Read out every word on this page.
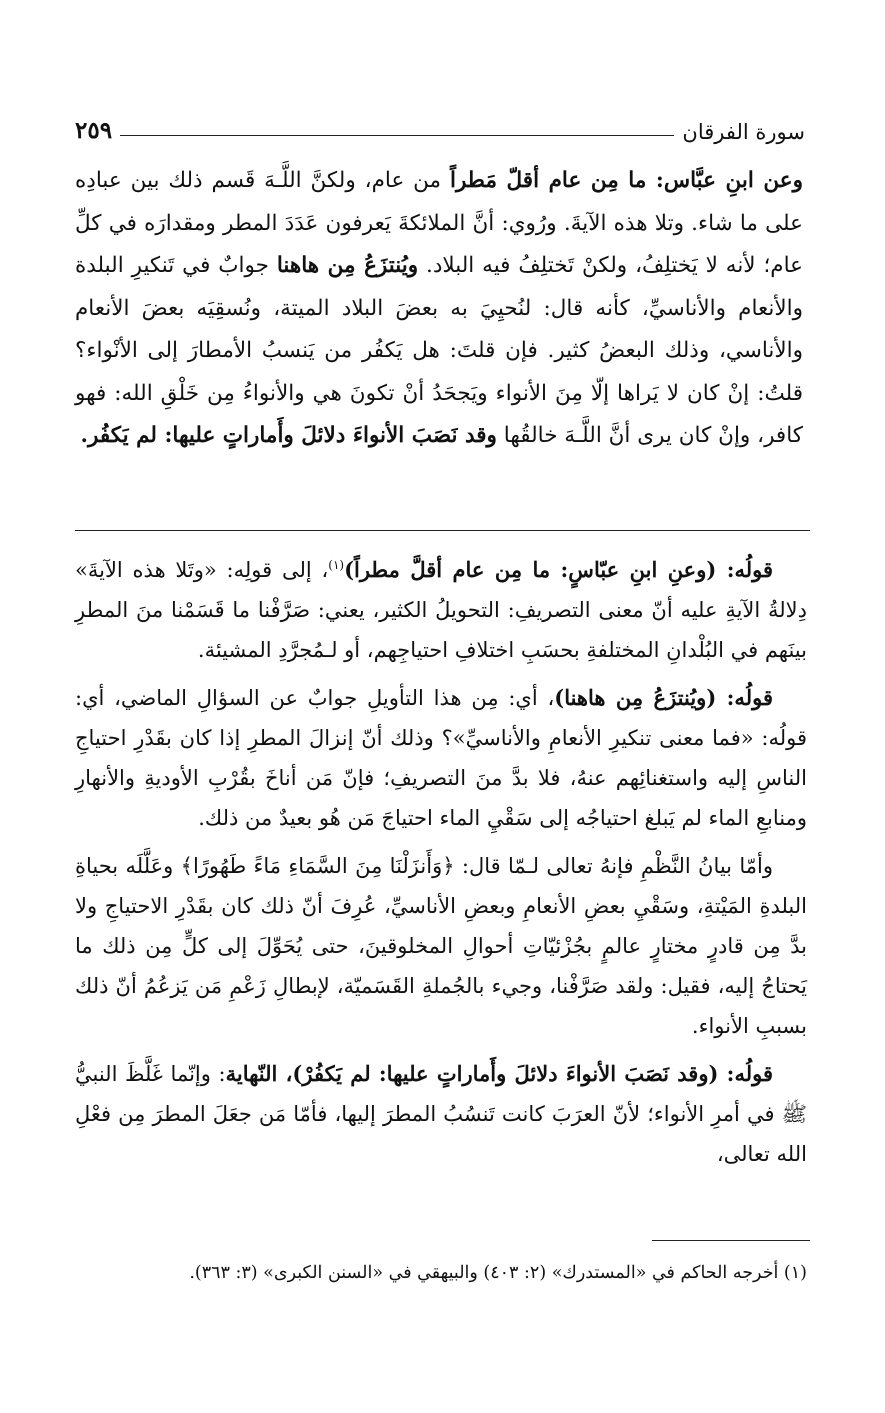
سورة الفرقان
٢٥٩

وعن ابنِ عبَّاس: ما مِن عام أقلّ مَطراً من عام، ولكنَّ اللَّـهَ قَسم ذلك بين عبادِه على ما شاء. وتلا هذه الآيةَ. ورُوي: أنَّ الملائكةَ يَعرفون عَدَدَ المطر ومقدارَه في كلِّ عام؛ لأنه لا يَختلِفُ، ولكنْ تَختلِفُ فيه البلاد. ويُنتزَعُ مِن هاهنا جوابٌ في تَنكيرِ البلدة والأنعام والأناسيِّ، كأنه قال: لنُحيِيَ به بعضَ البلاد الميتة، ونُسقِيَه بعضَ الأنعام والأناسي، وذلك البعضُ كثير. فإن قلتَ: هل يَكفُر من يَنسبُ الأمطارَ إلى الأنْواء؟ قلتُ: إنْ كان لا يَراها إلّا مِنَ الأنواء ويَجحَدُ أنْ تكونَ هي والأنواءُ مِن خَلْقِ الله: فهو كافر، وإنْ كان يرى أنَّ اللَّـهَ خالقُها وقد نَصَبَ الأنواءَ دلائلَ وأَماراتٍ عليها: لم يَكفُر.

قولُه: (وعنِ ابنِ عبّاسٍ: ما مِن عام أقلَّ مطراً)$^{(١)}$، إلى قولِه: «وتَلا هذه الآيةَ» دِلالةُ الآيةِ عليه أنّ معنى التصريفِ: التحويلُ الكثير، يعني: صَرَّفْنا ما قَسَمْنا منَ المطرِ بينَهم في البُلْدانِ المختلفةِ بحسَبِ اختلافِ احتياجِهم، أو لـمُجرَّدِ المشيئة.

قولُه: (ويُنتزَعُ مِن هاهنا)، أي: مِن هذا التأويلِ جوابٌ عن السؤالِ الماضي، أي: قولُه: «فما معنى تنكيرِ الأنعامِ والأناسيِّ»؟ وذلك أنّ إنزالَ المطرِ إذا كان بقَدْرِ احتياجِ الناسِ إليه واستغنائِهم عنهُ، فلا بدَّ منَ التصريفِ؛ فإنّ مَن أناخَ بقُرْبِ الأوديةِ والأنهارِ ومنابعِ الماء لم يَبلغ احتياجُه إلى سَقْيِ الماء احتياجَ مَن هُو بعيدٌ من ذلك.

وأمّا بيانُ النَّظْمِ فإنهُ تعالى لـمّا قال: ﴿وَأَنزَلْنَا مِنَ السَّمَاءِ مَاءً طَهُورًا﴾ وعَلَّلَه بحياةِ البلدةِ المَيْتةِ، وسَقْيِ بعضِ الأنعامِ وبعضِ الأناسيِّ، عُرِفَ أنّ ذلك كان بقَدْرِ الاحتياجِ ولا بدَّ مِن قادرٍ مختارٍ عالمٍ بجُزْئيّاتِ أحوالِ المخلوقينَ، حتى يُحَوِّلَ إلى كلٍّ مِن ذلك ما يَحتاجُ إليه، فقيل: ولقد صَرَّفْنا، وجيء بالجُملةِ القَسَميّة، لإبطالِ زَعْمِ مَن يَزعُمُ أنّ ذلك بسببِ الأنواء.

قولُه: (وقد نَصَبَ الأنواءَ دلائلَ وأَماراتٍ عليها: لم يَكفُرْ)، النّهاية: وإنّما غَلَّظَ النبيُّ ﷺ في أمرِ الأنواء؛ لأنّ العرَبَ كانت تَنسُبُ المطرَ إليها، فأمّا مَن جعَلَ المطرَ مِن فعْلِ الله تعالى،

(١) أخرجه الحاكم في «المستدرك» (٢: ٤٠٣) والبيهقي في «السنن الكبرى» (٣: ٣٦٣).
